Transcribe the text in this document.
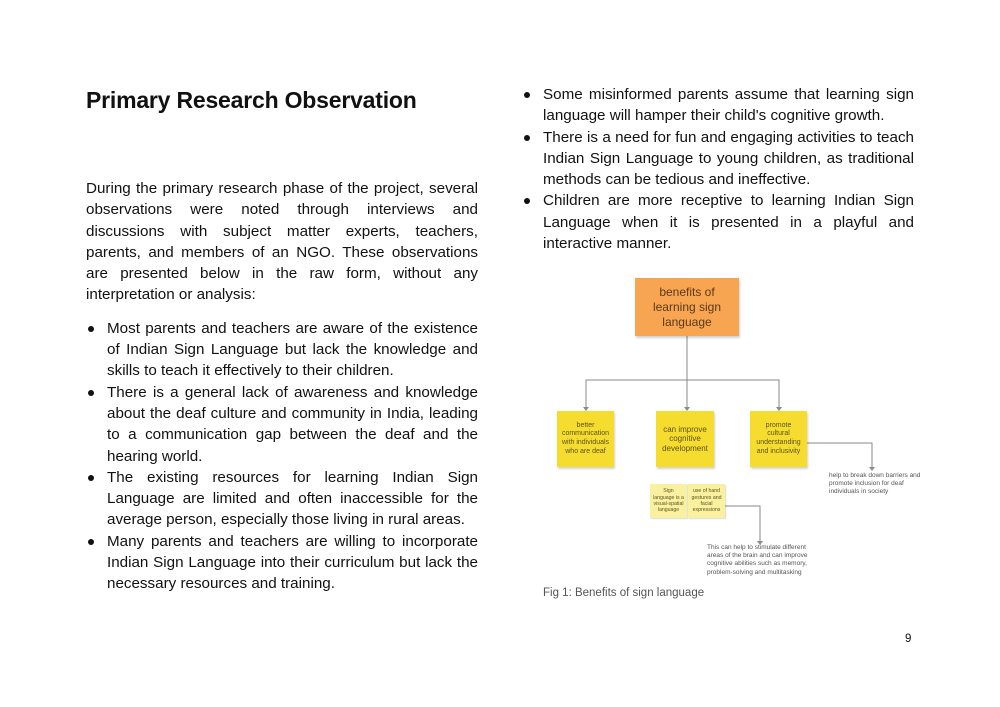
Primary Research Observation

During the primary research phase of the project, several observations were noted through interviews and discussions with subject matter experts, teachers, parents, and members of an NGO. These observations are presented below in the raw form, without any interpretation or analysis:

Most parents and teachers are aware of the existence of Indian Sign Language but lack the knowledge and skills to teach it effectively to their children.
There is a general lack of awareness and knowledge about the deaf culture and community in India, leading to a communication gap between the deaf and the hearing world.
The existing resources for learning Indian Sign Language are limited and often inaccessible for the average person, especially those living in rural areas.
Many parents and teachers are willing to incorporate Indian Sign Language into their curriculum but lack the necessary resources and training.
Some misinformed parents assume that learning sign language will hamper their child's cognitive growth.
There is a need for fun and engaging activities to teach Indian Sign Language to young children, as traditional methods can be tedious and ineffective.
Children are more receptive to learning Indian Sign Language when it is presented in a playful and interactive manner.
benefits of learning sign language
better communication with individuals who are deaf
can improve cognitive development
promote cultural understanding and inclusivity
Sign language is a visual-spatial language
use of hand gestures and facial expressions
help to break down barriers and promote inclusion for deaf individuals in society
This can help to stimulate different areas of the brain and can improve cognitive abilities such as memory, problem-solving and multitasking
Fig 1: Benefits of sign language
9
